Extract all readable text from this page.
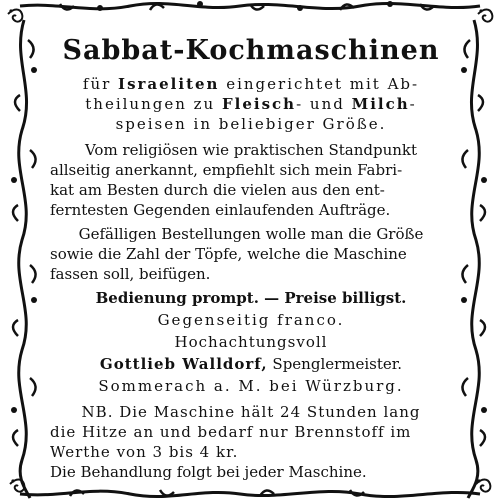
Sabbat-Kochmaschinen
für Israeliten eingerichtet mit Ab-
theilungen zu Fleisch- und Milch-
speisen in beliebiger Größe.
Vom religiösen wie praktischen Standpunkt
allseitig anerkannt, empfiehlt sich mein Fabri-
kat am Besten durch die vielen aus den ent-
ferntesten Gegenden einlaufenden Aufträge.
Gefälligen Bestellungen wolle man die Größe
sowie die Zahl der Töpfe, welche die Maschine
fassen soll, beifügen.
Bedienung prompt. — Preise billigst.
Gegenseitig franco.
Hochachtungsvoll
Gottlieb Walldorf, Spenglermeister.
Sommerach a. M. bei Würzburg.
NB. Die Maschine hält 24 Stunden lang
die Hitze an und bedarf nur Brennstoff im
Werthe von 3 bis 4 kr.
Die Behandlung folgt bei jeder Maschine.
